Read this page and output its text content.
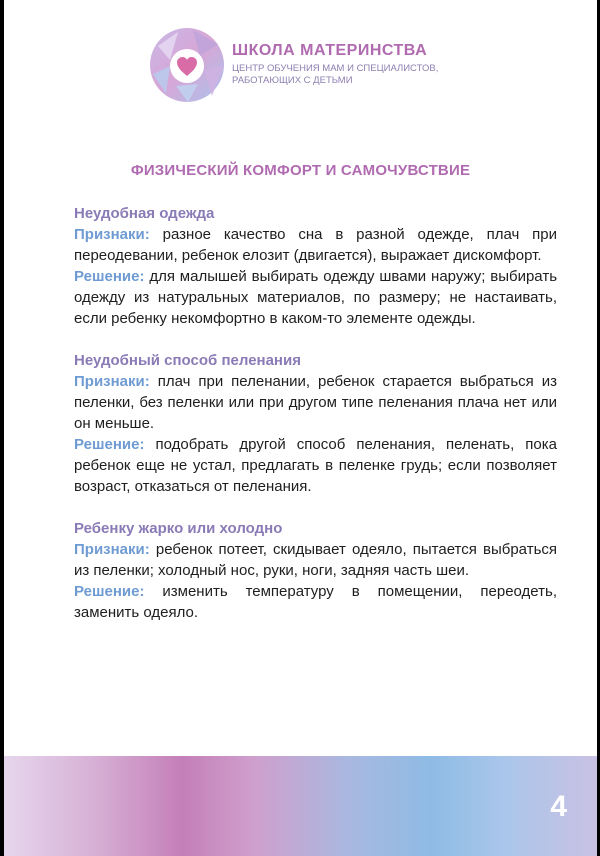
ШКОЛА МАТЕРИНСТВА
ЦЕНТР ОБУЧЕНИЯ МАМ И СПЕЦИАЛИСТОВ,
РАБОТАЮЩИХ С ДЕТЬМИ
ФИЗИЧЕСКИЙ КОМФОРТ И САМОЧУВСТВИЕ
Неудобная одежда

Признаки: разное качество сна в разной одежде, плач при переодевании, ребенок елозит (двигается), выражает дискомфорт.

Решение: для малышей выбирать одежду швами наружу; выбирать одежду из натуральных материалов, по размеру; не настаивать, если ребенку некомфортно в каком-то элементе одежды.

Неудобный способ пеленания

Признаки: плач при пеленании, ребенок старается выбраться из пеленки, без пеленки или при другом типе пеленания плача нет или он меньше.

Решение: подобрать другой способ пеленания, пеленать, пока ребенок еще не устал, предлагать в пеленке грудь; если позволяет возраст, отказаться от пеленания.

Ребенку жарко или холодно

Признаки: ребенок потеет, скидывает одеяло, пытается выбраться из пеленки; холодный нос, руки, ноги, задняя часть шеи.

Решение: изменить температуру в помещении, переодеть, заменить одеяло.

4
